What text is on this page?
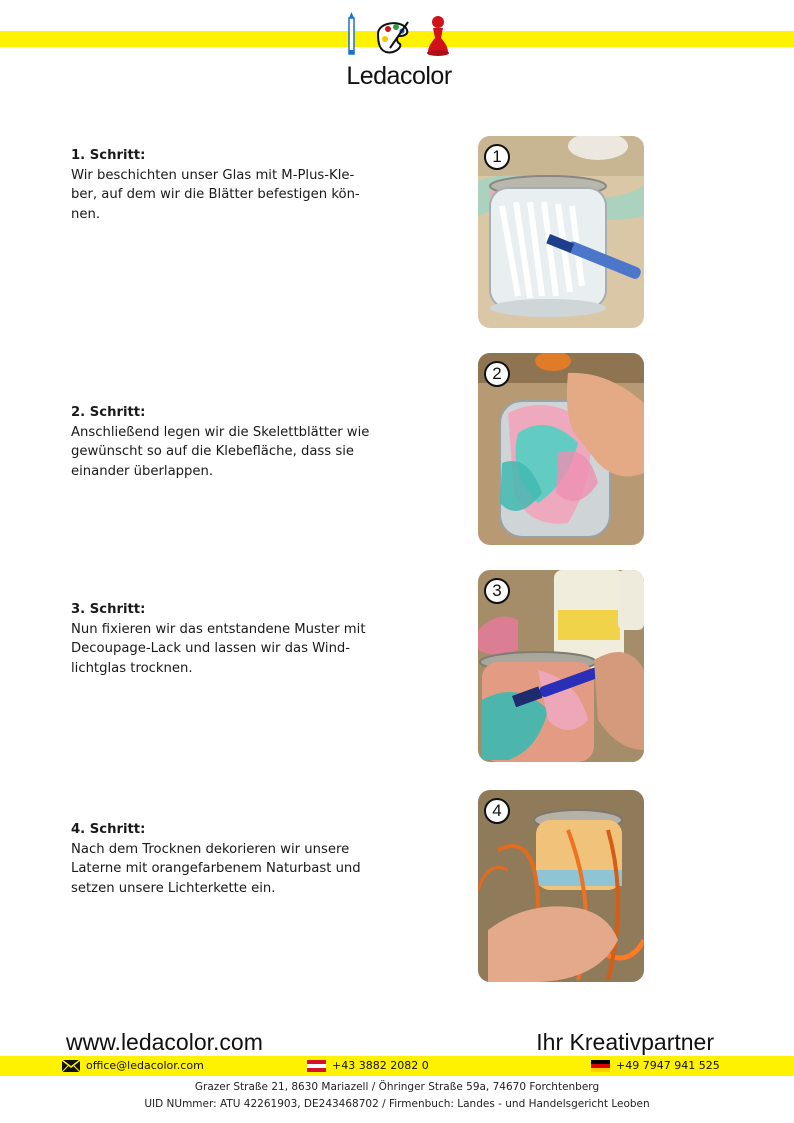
Ledacolor
1. Schritt:
Wir beschichten unser Glas mit M-Plus-Kle-
ber, auf dem wir die Blätter befestigen kön-
nen.
2. Schritt:
Anschließend legen wir die Skelettblätter wie
gewünscht so auf die Klebefläche, dass sie
einander überlappen.
3. Schritt:
Nun fixieren wir das entstandene Muster mit
Decoupage-Lack und lassen wir das Wind-
lichtglas trocknen.
4. Schritt:
Nach dem Trocknen dekorieren wir unsere
Laterne mit orangefarbenem Naturbast und
setzen unsere Lichterkette ein.
1
2
3
4
www.ledacolor.com	Ihr Kreativpartner
office@ledacolor.com	+43 3882 2082 0	+49 7947 941 525
Grazer Straße 21, 8630 Mariazell / Öhringer Straße 59a, 74670 Forchtenberg
UID NUmmer: ATU 42261903, DE243468702 / Firmenbuch: Landes - und Handelsgericht Leoben
